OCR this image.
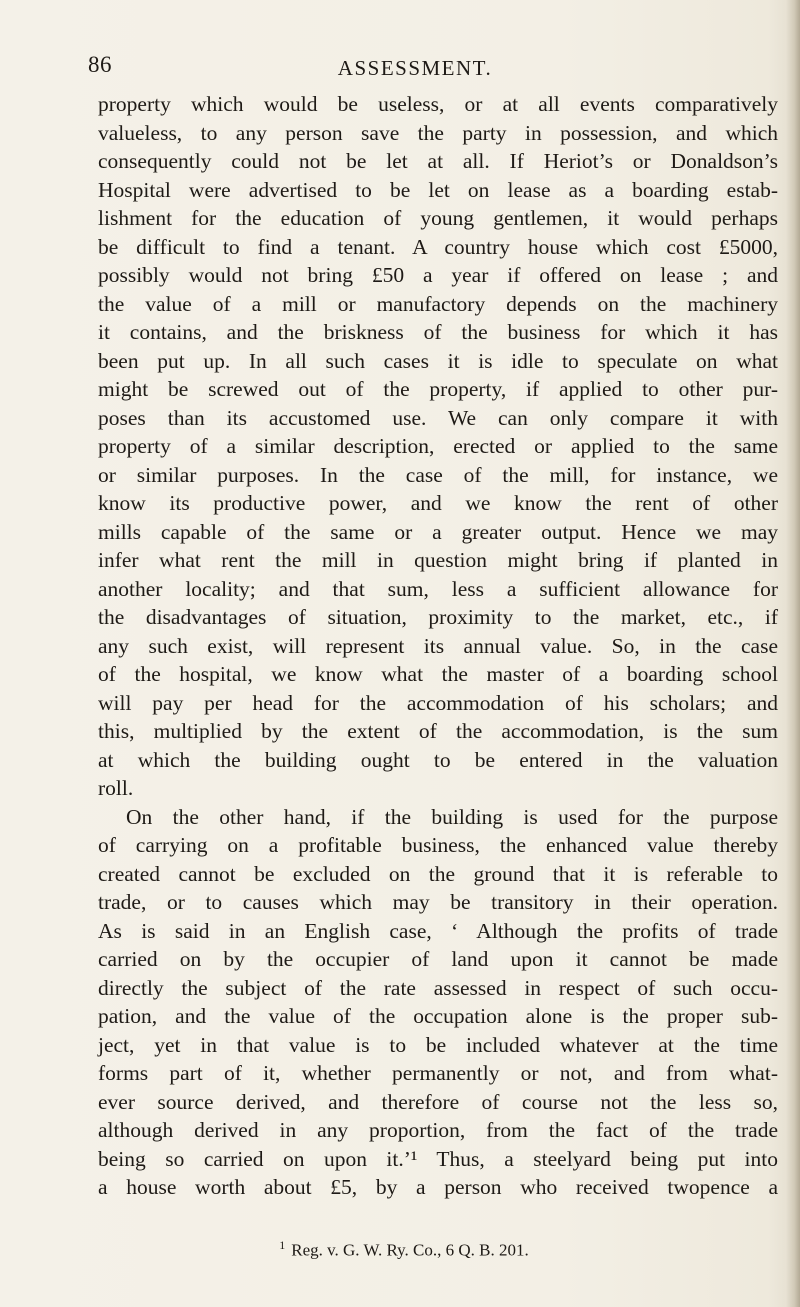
86	ASSESSMENT.
property which would be useless, or at all events comparatively
valueless, to any person save the party in possession, and which
consequently could not be let at all. If Heriot’s or Donaldson’s
Hospital were advertised to be let on lease as a boarding estab-
lishment for the education of young gentlemen, it would perhaps
be difficult to find a tenant. A country house which cost £5000,
possibly would not bring £50 a year if offered on lease ; and
the value of a mill or manufactory depends on the machinery
it contains, and the briskness of the business for which it has
been put up. In all such cases it is idle to speculate on what
might be screwed out of the property, if applied to other pur-
poses than its accustomed use. We can only compare it with
property of a similar description, erected or applied to the same
or similar purposes. In the case of the mill, for instance, we
know its productive power, and we know the rent of other
mills capable of the same or a greater output. Hence we may
infer what rent the mill in question might bring if planted in
another locality; and that sum, less a sufficient allowance for
the disadvantages of situation, proximity to the market, etc., if
any such exist, will represent its annual value. So, in the case
of the hospital, we know what the master of a boarding school
will pay per head for the accommodation of his scholars; and
this, multiplied by the extent of the accommodation, is the sum
at which the building ought to be entered in the valuation
roll.
On the other hand, if the building is used for the purpose
of carrying on a profitable business, the enhanced value thereby
created cannot be excluded on the ground that it is referable to
trade, or to causes which may be transitory in their operation.
As is said in an English case, ‘ Although the profits of trade
carried on by the occupier of land upon it cannot be made
directly the subject of the rate assessed in respect of such occu-
pation, and the value of the occupation alone is the proper sub-
ject, yet in that value is to be included whatever at the time
forms part of it, whether permanently or not, and from what-
ever source derived, and therefore of course not the less so,
although derived in any proportion, from the fact of the trade
being so carried on upon it.’¹ Thus, a steelyard being put into
a house worth about £5, by a person who received twopence a
$^1$ Reg. v. G. W. Ry. Co., 6 Q. B. 201.
